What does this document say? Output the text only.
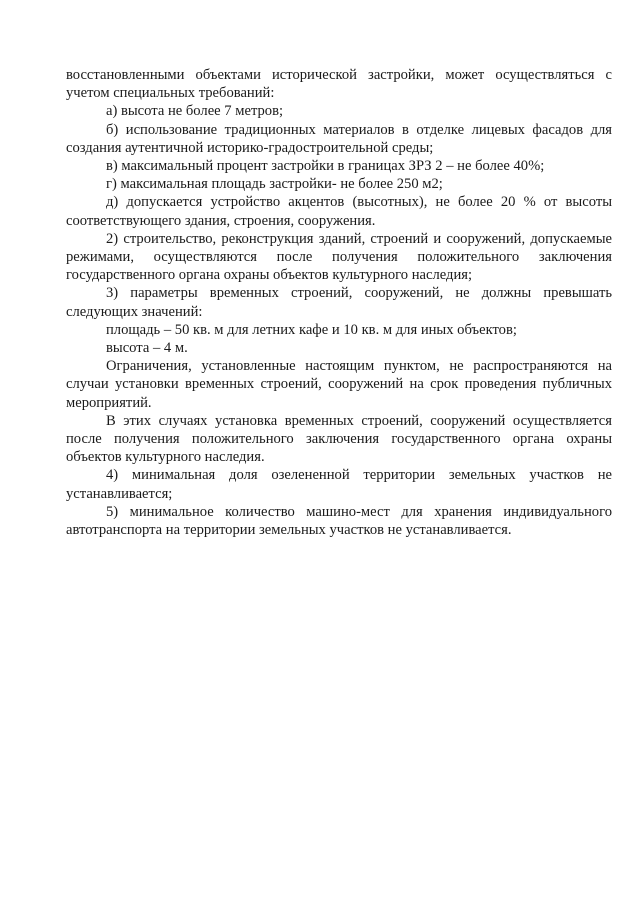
восстановленными объектами исторической застройки, может осуществляться с учетом специальных требований:

а) высота не более 7 метров;

б) использование традиционных материалов в отделке лицевых фасадов для создания аутентичной историко-градостроительной среды;

в) максимальный процент застройки в границах ЗРЗ 2 – не более 40%;

г) максимальная площадь застройки- не более 250 м2;

д) допускается устройство акцентов (высотных), не более 20 % от высоты соответствующего здания, строения, сооружения.

2) строительство, реконструкция зданий, строений и сооружений, допускаемые режимами, осуществляются после получения положительного заключения государственного органа охраны объектов культурного наследия;

3) параметры временных строений, сооружений, не должны превышать следующих значений:

площадь – 50 кв. м для летних кафе и 10 кв. м для иных объектов;

высота – 4 м.

Ограничения, установленные настоящим пунктом, не распространяются на случаи установки временных строений, сооружений на срок проведения публичных мероприятий.

В этих случаях установка временных строений, сооружений осуществляется после получения положительного заключения государственного органа охраны объектов культурного наследия.

4) минимальная доля озелененной территории земельных участков не устанавливается;

5) минимальное количество машино-мест для хранения индивидуального автотранспорта на территории земельных участков не устанавливается.
